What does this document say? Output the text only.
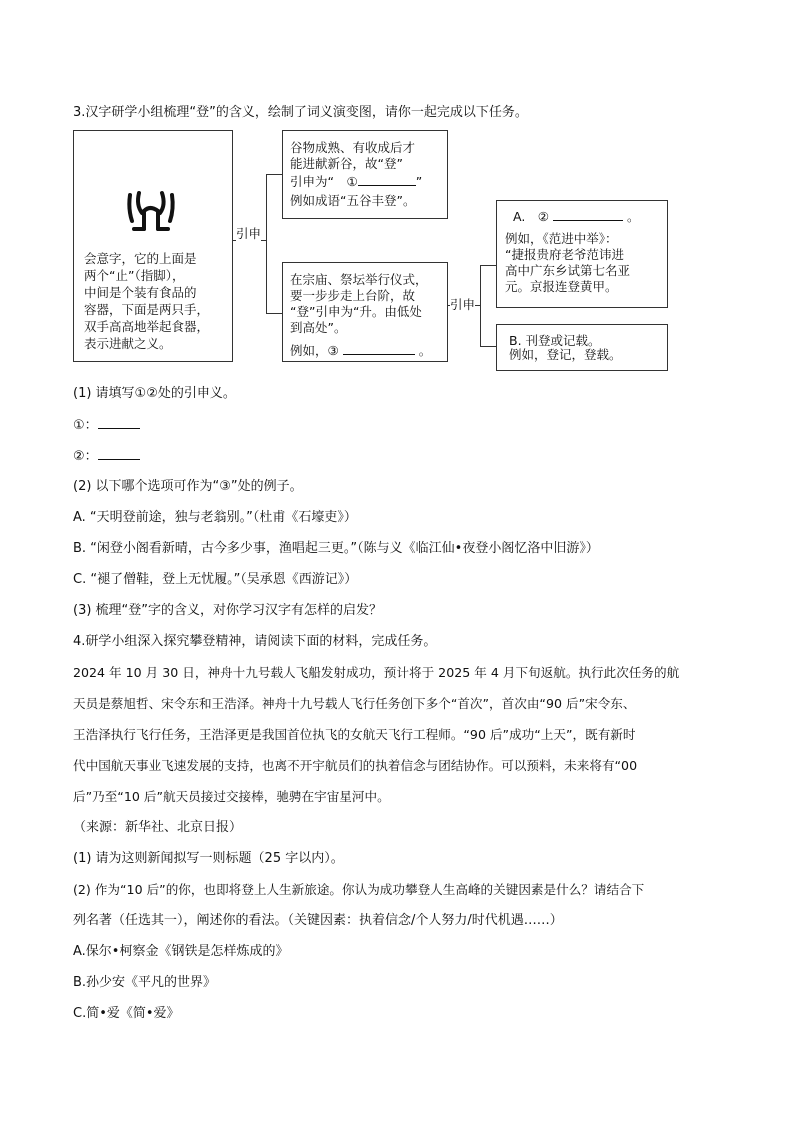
3.汉字研学小组梳理“登”的含义，绘制了词义演变图，请你一起完成以下任务。
会意字，它的上面是
两个“止”（指脚），
中间是个装有食品的
容器，下面是两只手，
双手高高地举起食器，
表示进献之义。
引申
谷物成熟、有收成后才
能进献新谷，故“登”
引申为“　①	”
例如成语“五谷丰登”。
在宗庙、祭坛举行仪式，
要一步步走上台阶，故
“登”引申为“升。由低处
到高处”。
例如，③	。
引申
A.　②	。
例如，《范进中举》：
“捷报贵府老爷范讳进
高中广东乡试第七名亚
元。京报连登黄甲。
B. 刊登或记载。
例如，登记，登载。
(1) 请填写①②处的引申义。
①：
②：
(2) 以下哪个选项可作为“③”处的例子。
A. “天明登前途，独与老翁别。”（杜甫《石壕吏》）
B. “闲登小阁看新晴，古今多少事，渔唱起三更。”（陈与义《临江仙•夜登小阁忆洛中旧游》）
C. “褪了僧鞋，登上无忧履。”（吴承恩《西游记》）
(3) 梳理“登”字的含义，对你学习汉字有怎样的启发？
4.研学小组深入探究攀登精神，请阅读下面的材料，完成任务。
2024 年 10 月 30 日，神舟十九号载人飞船发射成功，预计将于 2025 年 4 月下旬返航。执行此次任务的航
天员是蔡旭哲、宋令东和王浩泽。神舟十九号载人飞行任务创下多个“首次”，首次由“90 后”宋令东、
王浩泽执行飞行任务，王浩泽更是我国首位执飞的女航天飞行工程师。“90 后”成功“上天”，既有新时
代中国航天事业飞速发展的支持，也离不开宇航员们的执着信念与团结协作。可以预料，未来将有“00
后”乃至“10 后”航天员接过交接棒，驰骋在宇宙星河中。
（来源：新华社、北京日报）
(1) 请为这则新闻拟写一则标题（25 字以内）。
(2) 作为“10 后”的你，也即将登上人生新旅途。你认为成功攀登人生高峰的关键因素是什么？请结合下
列名著（任选其一），阐述你的看法。（关键因素：执着信念/个人努力/时代机遇……）
A.保尔•柯察金《钢铁是怎样炼成的》
B.孙少安《平凡的世界》
C.简•爱《简•爱》
